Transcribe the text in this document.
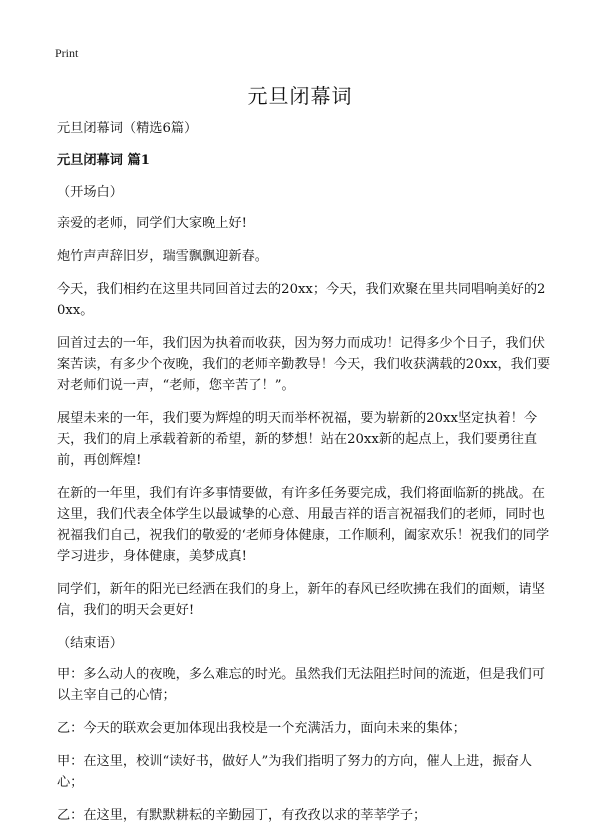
Print
元旦闭幕词
元旦闭幕词（精选6篇）
元旦闭幕词 篇1
（开场白）
亲爱的老师，同学们大家晚上好!
炮竹声声辞旧岁，瑞雪飘飘迎新春。
今天，我们相约在这里共同回首过去的20xx；今天，我们欢聚在里共同唱响美好的20xx。
回首过去的一年，我们因为执着而收获，因为努力而成功！记得多少个日子，我们伏案苦读，有多少个夜晚，我们的老师辛勤教导！今天，我们收获满载的20xx，我们要对老师们说一声，“老师，您辛苦了！”。
展望未来的一年，我们要为辉煌的明天而举杯祝福，要为崭新的20xx坚定执着！今天，我们的肩上承载着新的希望，新的梦想！站在20xx新的起点上，我们要勇往直前，再创辉煌!
在新的一年里，我们有许多事情要做，有许多任务要完成，我们将面临新的挑战。在这里，我们代表全体学生以最诚挚的心意、用最吉祥的语言祝福我们的老师，同时也祝福我们自己，祝我们的敬爱的‘老师身体健康，工作顺利，阖家欢乐！祝我们的同学学习进步，身体健康，美梦成真!
同学们，新年的阳光已经洒在我们的身上，新年的春风已经吹拂在我们的面颊，请坚信，我们的明天会更好!
（结束语）
甲：多么动人的夜晚，多么难忘的时光。虽然我们无法阻拦时间的流逝，但是我们可以主宰自己的心情；
乙：今天的联欢会更加体现出我校是一个充满活力，面向未来的集体；
甲：在这里，校训“读好书，做好人”为我们指明了努力的方向，催人上进，振奋人心；
乙：在这里，有默默耕耘的辛勤园丁，有孜孜以求的莘莘学子；
